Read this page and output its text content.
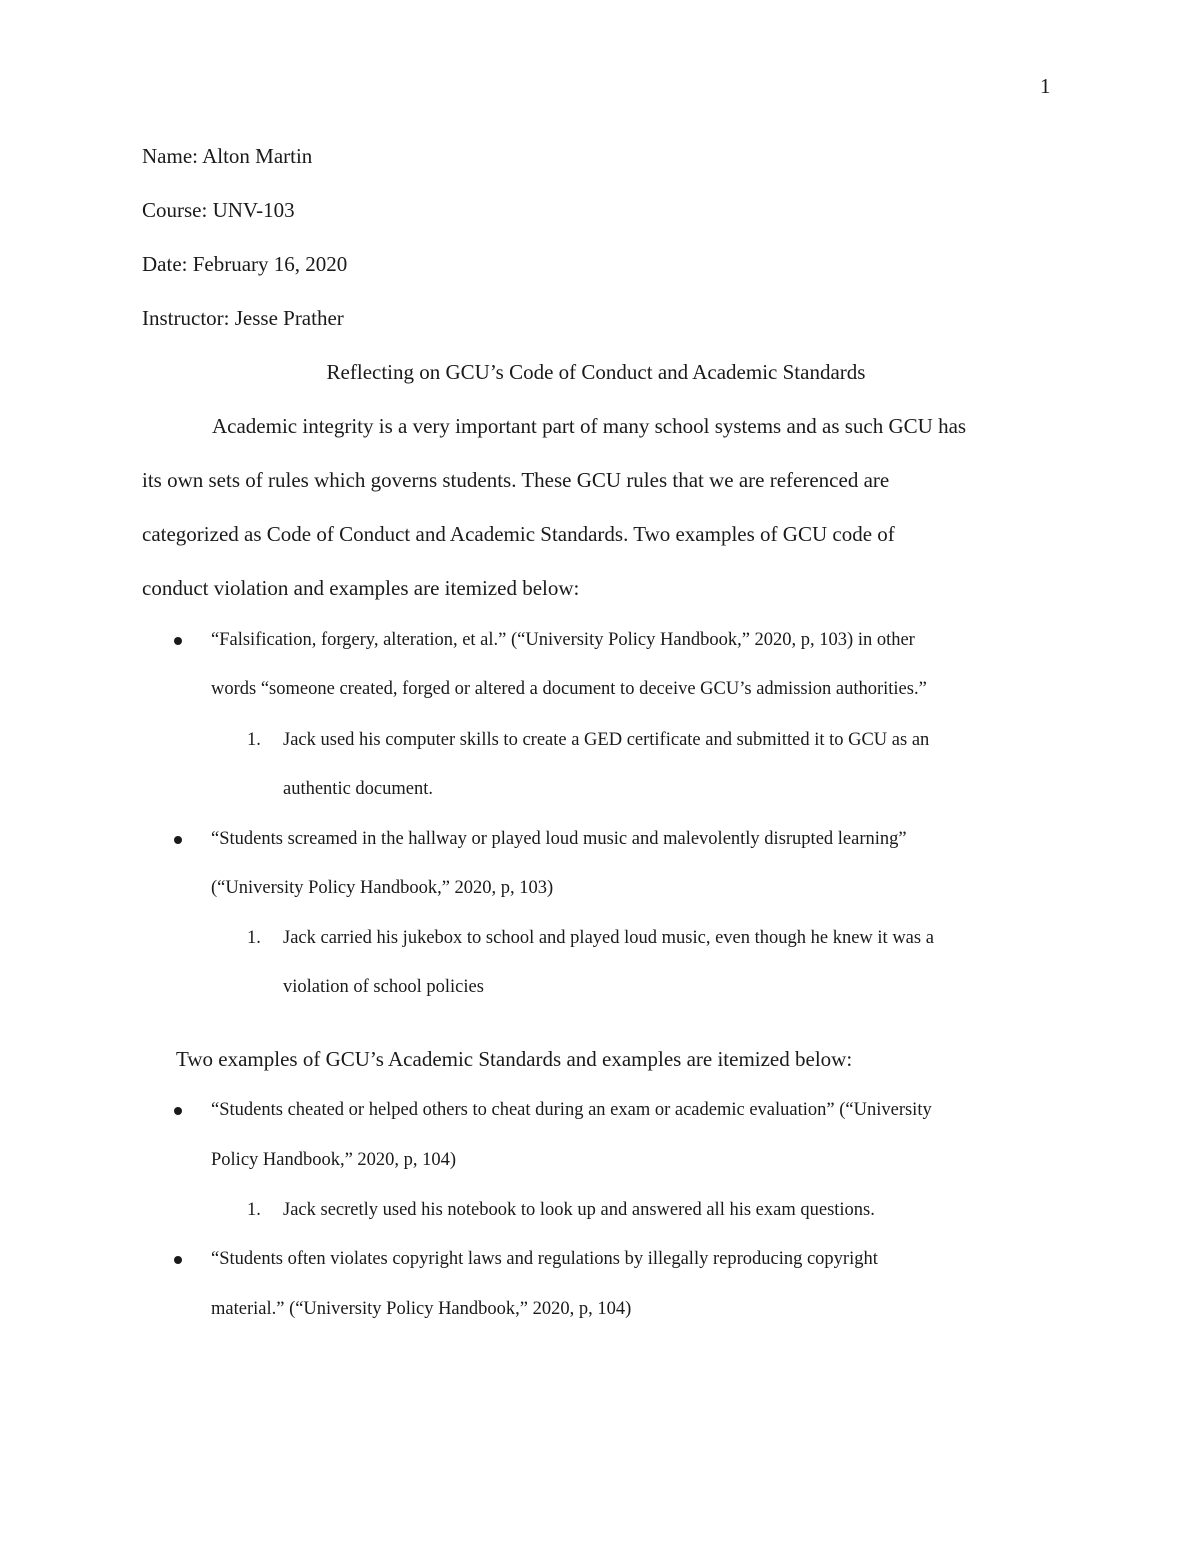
1
Name: Alton Martin
Course: UNV-103
Date: February 16, 2020
Instructor: Jesse Prather
Reflecting on GCU’s Code of Conduct and Academic Standards
Academic integrity is a very important part of many school systems and as such GCU has
its own sets of rules which governs students. These GCU rules that we are referenced are
categorized as Code of Conduct and Academic Standards. Two examples of GCU code of
conduct violation and examples are itemized below:
“Falsification, forgery, alteration, et al.” (“University Policy Handbook,” 2020, p, 103) in other
words “someone created, forged or altered a document to deceive GCU’s admission authorities.”
1. Jack used his computer skills to create a GED certificate and submitted it to GCU as an
authentic document.
“Students screamed in the hallway or played loud music and malevolently disrupted learning”
(“University Policy Handbook,” 2020, p, 103)
1. Jack carried his jukebox to school and played loud music, even though he knew it was a
violation of school policies
Two examples of GCU’s Academic Standards and examples are itemized below:
“Students cheated or helped others to cheat during an exam or academic evaluation” (“University
Policy Handbook,” 2020, p, 104)
1. Jack secretly used his notebook to look up and answered all his exam questions.
“Students often violates copyright laws and regulations by illegally reproducing copyright
material.” (“University Policy Handbook,” 2020, p, 104)
